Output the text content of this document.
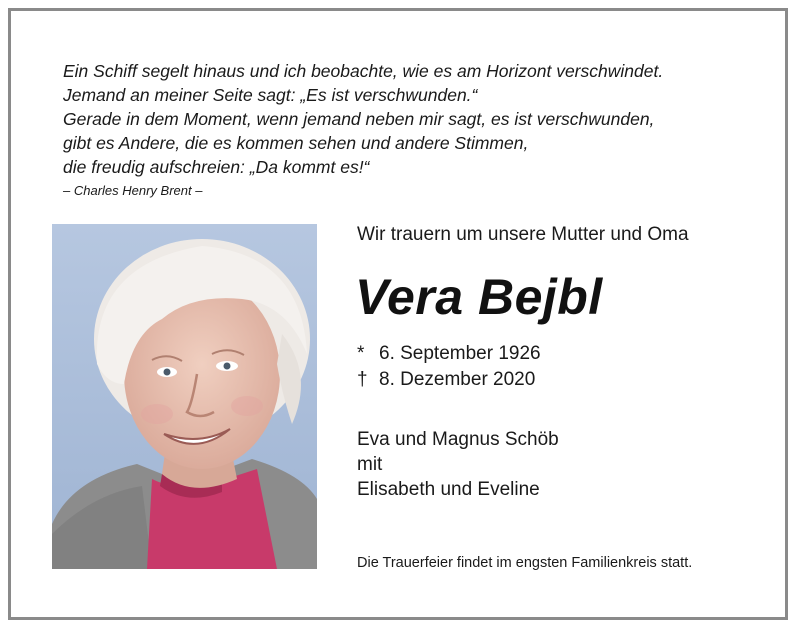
Ein Schiff segelt hinaus und ich beobachte, wie es am Horizont verschwindet.
Jemand an meiner Seite sagt: „Es ist verschwunden.“
Gerade in dem Moment, wenn jemand neben mir sagt, es ist verschwunden,
gibt es Andere, die es kommen sehen und andere Stimmen,
die freudig aufschreien: „Da kommt es!“
– Charles Henry Brent –
Wir trauern um unsere Mutter und Oma
Vera Bejbl
* 6. September 1926
† 8. Dezember 2020
Eva und Magnus Schöb
mit
Elisabeth und Eveline
Die Trauerfeier findet im engsten Familienkreis statt.
